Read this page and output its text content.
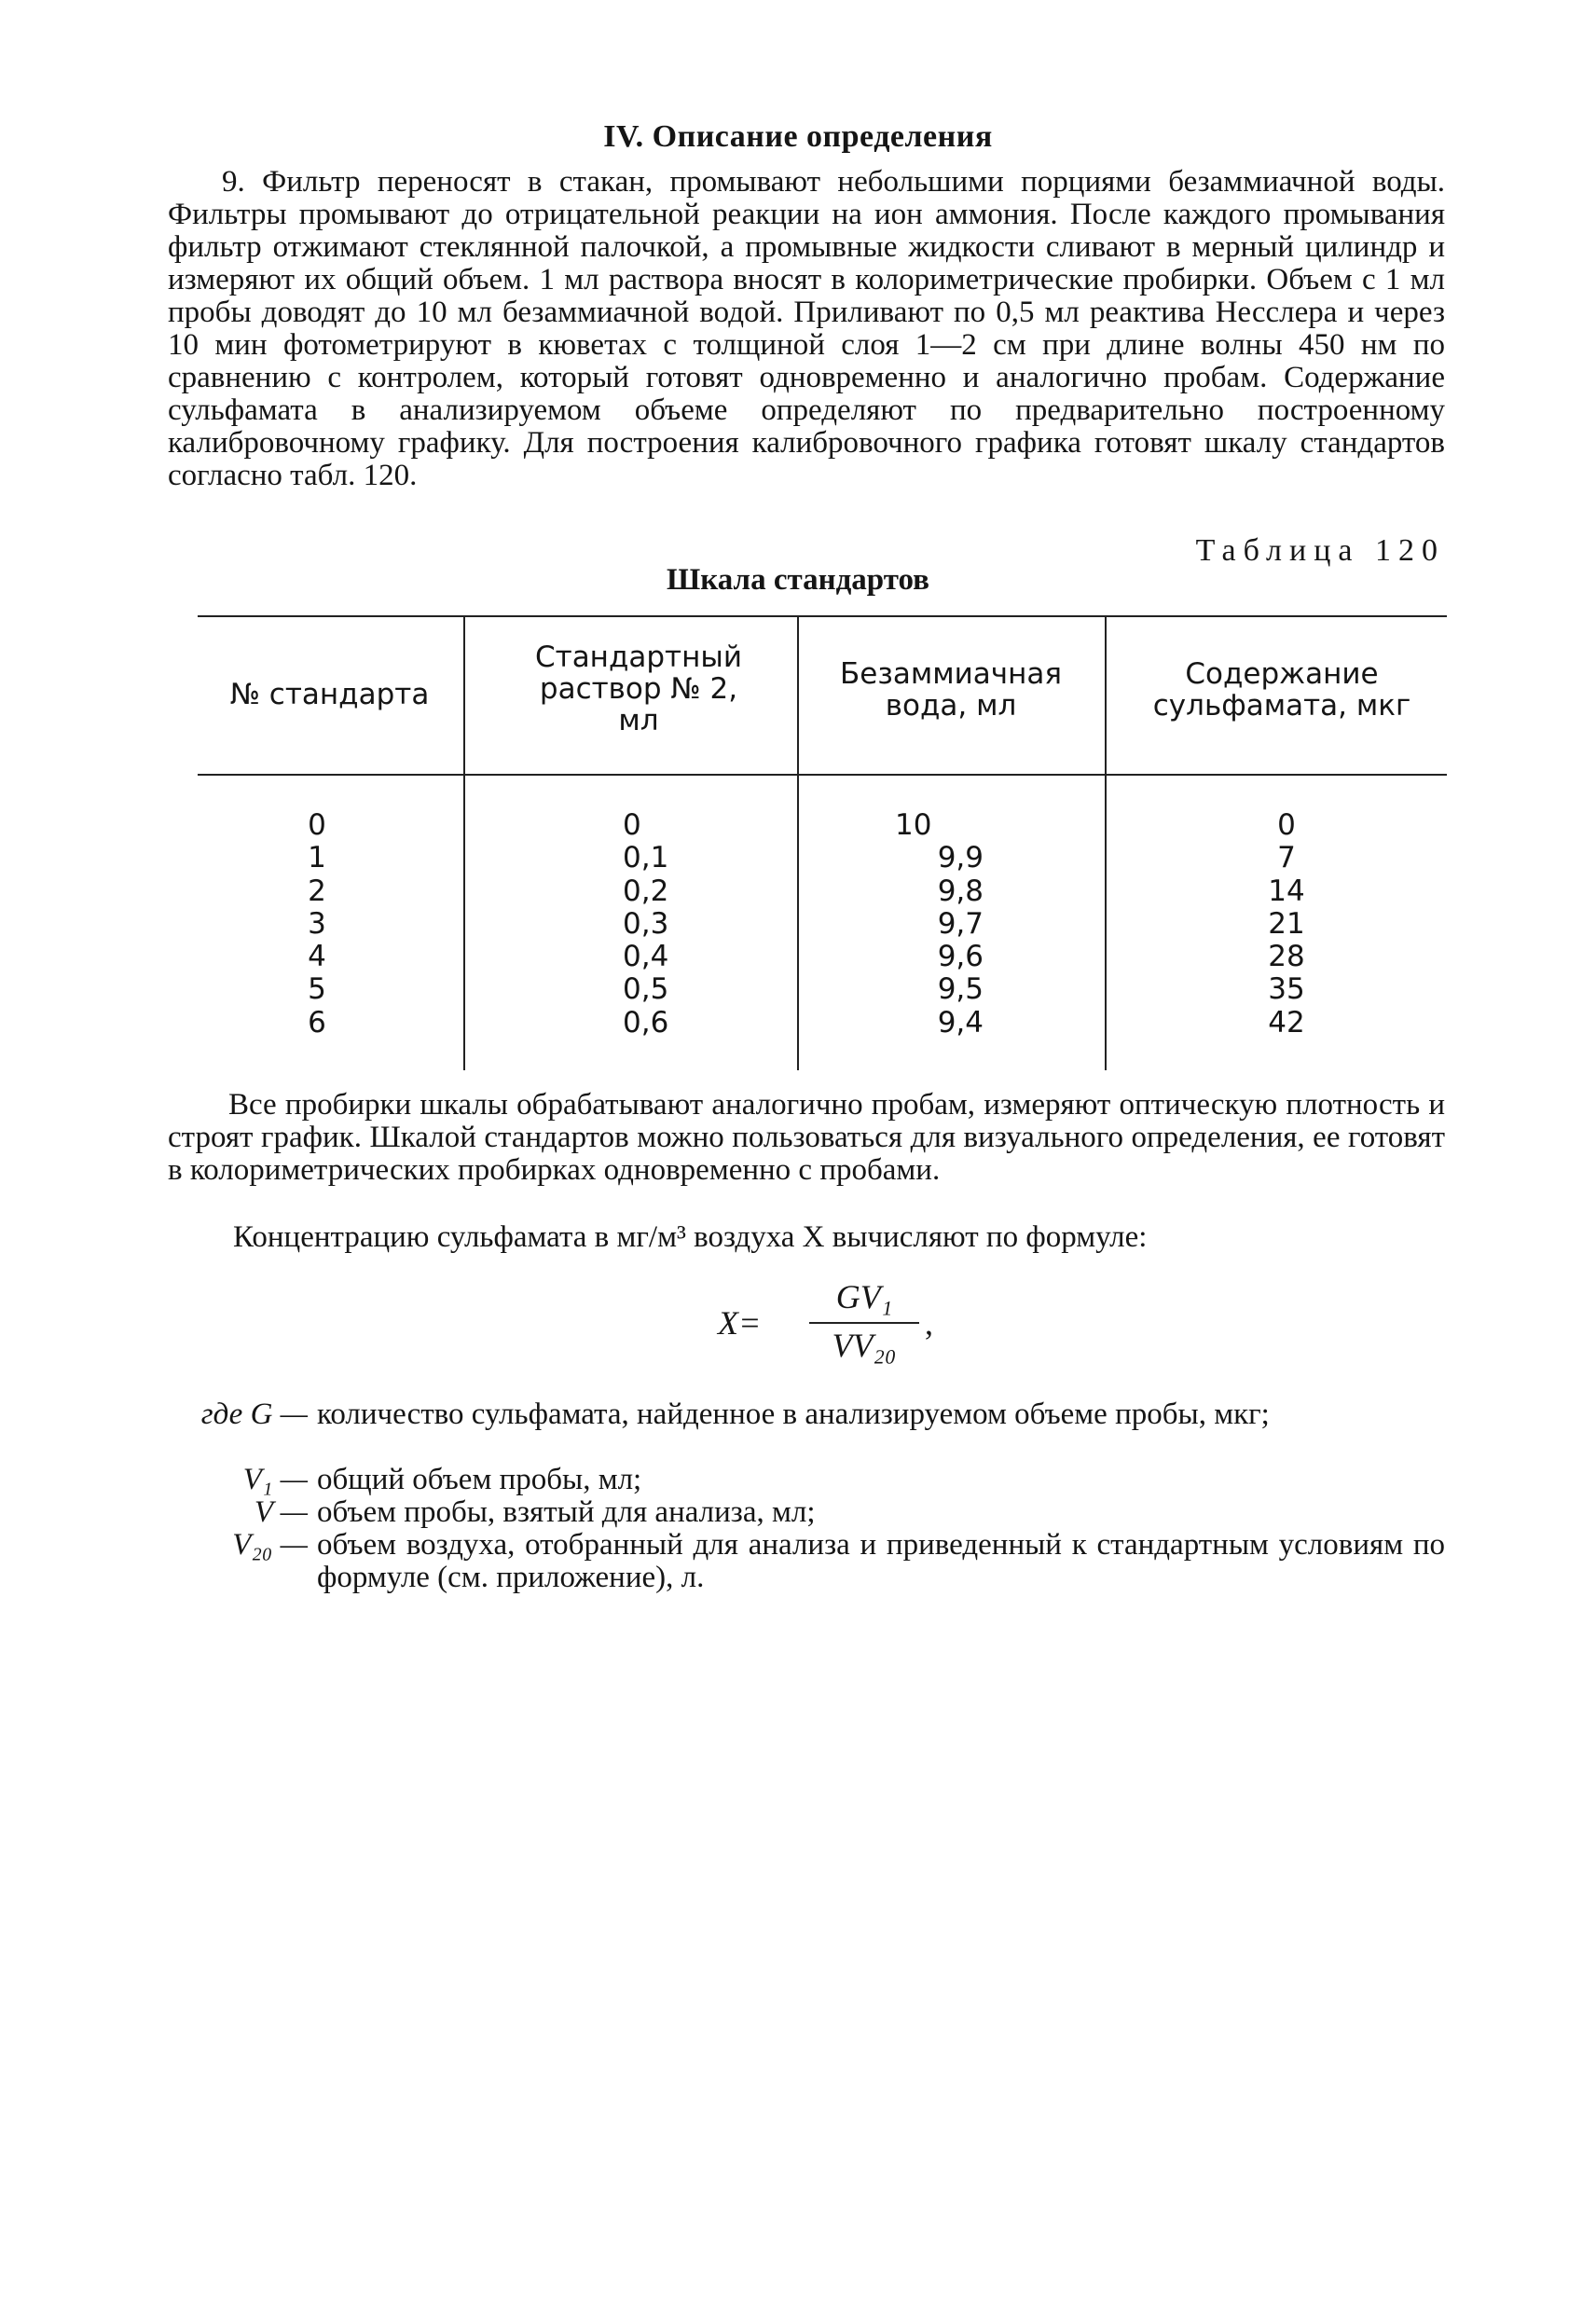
IV. Описание определения
9. Фильтр переносят в стакан, промывают небольшими порциями безаммиачной воды. Фильтры промывают до отрицательной реакции на ион аммония. После каждого промывания фильтр отжимают стеклянной палочкой, а промывные жидкости сливают в мерный цилиндр и измеряют их общий объем. 1 мл раствора вносят в колориметрические пробирки. Объем с 1 мл пробы доводят до 10 мл безаммиачной водой. Приливают по 0,5 мл реактива Несслера и через 10 мин фотометрируют в кюветах с толщиной слоя 1—2 см при длине волны 450 нм по сравнению с контролем, который готовят одновременно и аналогично пробам. Содержание сульфамата в анализируемом объеме определяют по предварительно построенному калибровочному графику. Для построения калибровочного графика готовят шкалу стандартов согласно табл. 120.
Таблица 120
Шкала стандартов
№ стандарта
Стандартный раствор № 2, мл
Безаммиачная вода, мл
Содержание сульфамата, мкг
0
1
2
3
4
5
6
0
0,1
0,2
0,3
0,4
0,5
0,6
10
9,9
9,8
9,7
9,6
9,5
9,4
0
7
14
21
28
35
42
Все пробирки шкалы обрабатывают аналогично пробам, измеряют оптическую плотность и строят график. Шкалой стандартов можно пользоваться для визуального определения, ее готовят в колориметрических пробирках одновременно с пробами.
Концентрацию сульфамата в мг/м³ воздуха X вычисляют по формуле:
X=
GV₁
VV₂₀
,
где G — количество сульфамата, найденное в анализируемом объеме пробы, мкг;
V₁ — общий объем пробы, мл;
V — объем пробы, взятый для анализа, мл;
V₂₀ — объем воздуха, отобранный для анализа и приведенный к стандартным условиям по формуле (см. приложение), л.
